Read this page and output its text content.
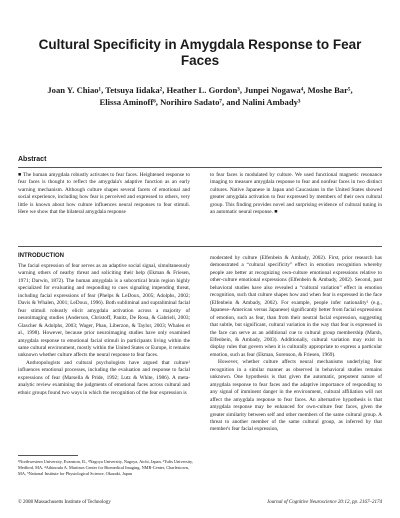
Cultural Specificity in Amygdala Response to Fear Faces
Joan Y. Chiao¹, Tetsuya Iidaka², Heather L. Gordon³, Junpei Nogawa⁴, Moshe Bar⁵, Elissa Aminoff⁶, Norihiro Sadato⁷, and Nalini Ambady³
Abstract

■ The human amygdala robustly activates to fear faces. Heightened response to fear faces is thought to reflect the amygdala's adaptive function as an early warning mechanism. Although culture shapes several facets of emotional and social experience, including how fear is perceived and expressed to others, very little is known about how culture influences neural responses to fear stimuli. Here we show that the bilateral amygdala response

to fear faces is modulated by culture. We used functional magnetic resonance imaging to measure amygdala response to fear and nonfear faces in two distinct cultures. Native Japanese in Japan and Caucasians in the United States showed greater amygdala activation to fear expressed by members of their own cultural group. This finding provides novel and surprising evidence of cultural tuning in an automatic neural response. ■

INTRODUCTION

The facial expression of fear serves as an adaptive social signal, simultaneously warning others of nearby threat and soliciting their help (Ekman & Friesen, 1971; Darwin, 1872). The human amygdala is a subcortical brain region highly specialized for evaluating and responding to cues signaling impending threat, including facial expressions of fear (Phelps & LeDoux, 2005; Adolphs, 2002; Davis & Whalen, 2001; LeDoux, 1996). Both subliminal and supraliminal facial fear stimuli robustly elicit amygdala activation across a majority of neuroimaging studies (Anderson, Christoff, Panitz, De Rosa, & Gabrieli, 2003; Glascher & Adolphs, 2003; Wager, Phan, Liberzon, & Taylor, 2003; Whalen et al., 1998). However, because prior neuroimaging studies have only examined amygdala response to emotional facial stimuli in participants living within the same cultural environment, mostly within the United States or Europe, it remains unknown whether culture affects the neural response to fear faces.

Anthropologists and cultural psychologists have argued that culture¹ influences emotional processes, including the evaluation and response to facial expressions of fear (Marsella & Pride, 1992; Lutz & White, 1986). A meta-analytic review examining the judgments of emotional faces across cultural and ethnic groups found two ways in which the recognition of the fear expression is

moderated by culture (Elfenbein & Ambady, 2002). First, prior research has demonstrated a “cultural specificity” effect in emotion recognition whereby people are better at recognizing own-culture emotional expressions relative to other-culture emotional expressions (Elfenbein & Ambady, 2002). Second, past behavioral studies have also revealed a “cultural variation” effect in emotion recognition, such that culture shapes how and when fear is expressed in the face (Elfenbein & Ambady, 2002). For example, people infer nationality² (e.g., Japanese–American versus Japanese) significantly better from facial expressions of emotion, such as fear, than from their neutral facial expression, suggesting that subtle, but significant, cultural variation in the way that fear is expressed in the face can serve as an additional cue to cultural group membership (Marsh, Elfenbein, & Ambady, 2003). Additionally, cultural variation may exist in display rules that govern when it is culturally appropriate to express a particular emotion, such as fear (Ekman, Sorenson, & Friesen, 1969).

However, whether culture affects neural mechanisms underlying fear recognition in a similar manner as observed in behavioral studies remains unknown. One hypothesis is that given the automatic, prepotent nature of amygdala response to fear faces and the adaptive importance of responding to any signal of imminent danger in the environment, cultural affiliation will not affect the amygdala response to fear faces. An alternative hypothesis is that amygdala response may be enhanced for own-culture fear faces, given the greater similarity between self and other members of the same cultural group. A threat to another member of the same cultural group, as inferred by that member's fear facial expression,

¹Northwestern University, Evanston, IL, ²Nagoya University, Nagoya, Aichi, Japan, ³Tufts University, Medford, MA, ⁴Athinoula A. Martinos Center for Biomedical Imaging, NMR-Center, Charlestown, MA, ⁵National Institute for Physiological Science, Okazaki, Japan
© 2008 Massachusetts Institute of Technology	Journal of Cognitive Neuroscience 20:12, pp. 2167–2174
